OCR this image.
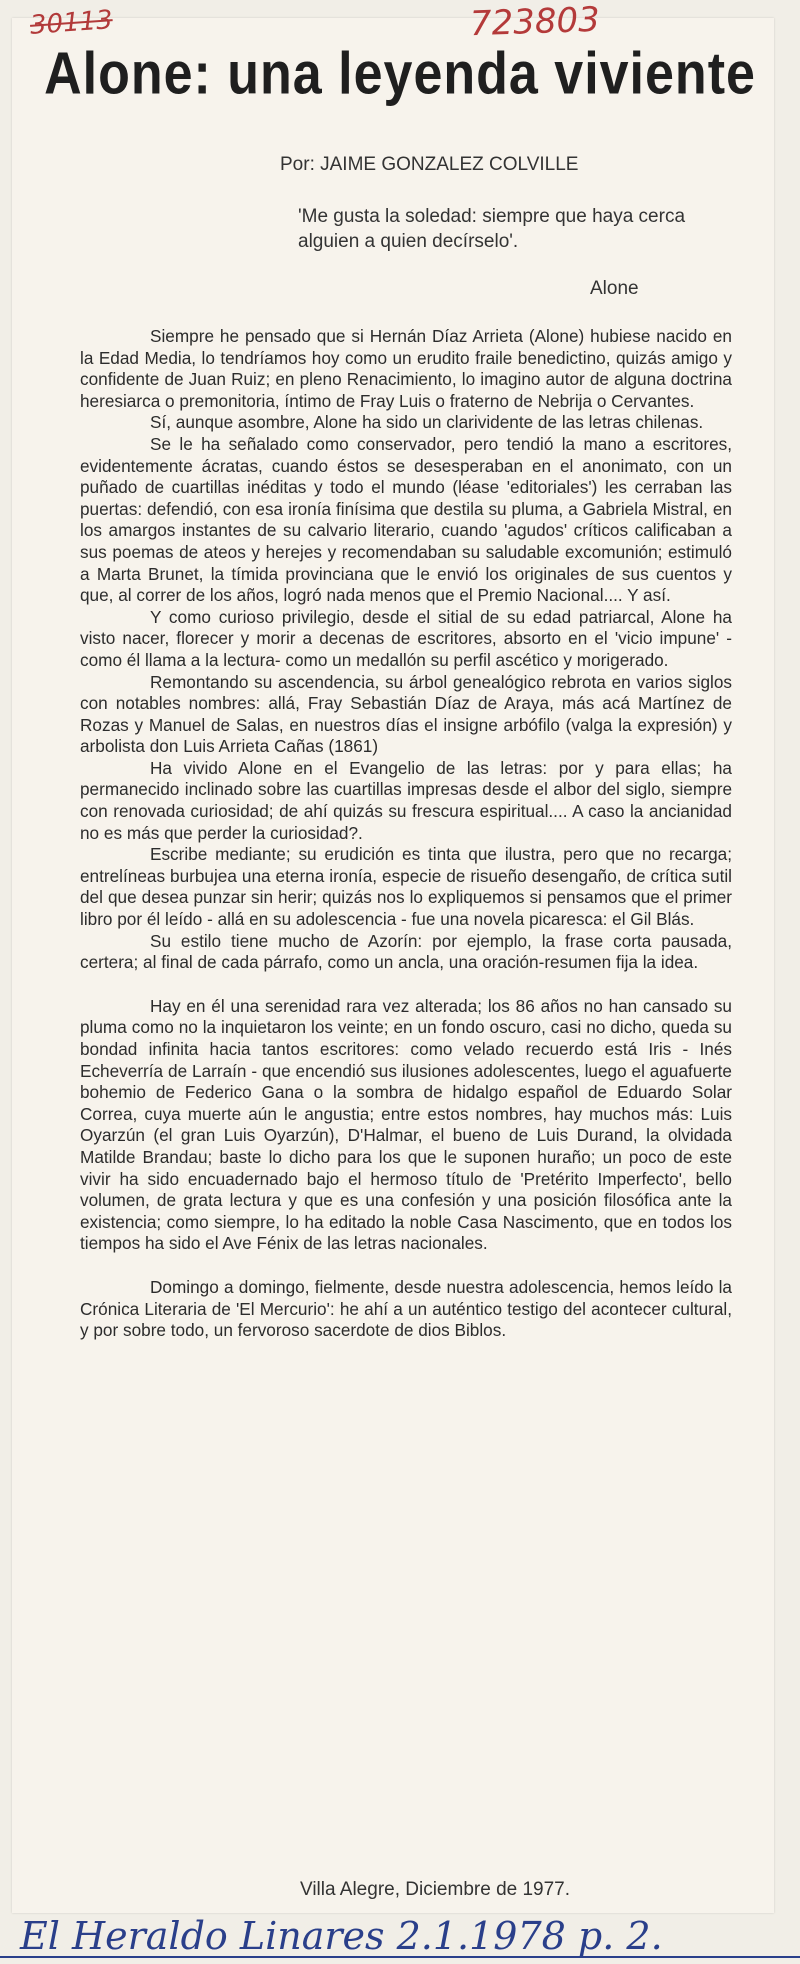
30113	723803
Alone: una leyenda viviente
Por: JAIME GONZALEZ COLVILLE
'Me gusta la soledad: siempre que haya cerca alguien a quien decírselo'.
Alone

Siempre he pensado que si Hernán Díaz Arrieta (Alone) hubiese nacido en la Edad Media, lo tendríamos hoy como un erudito fraile benedictino, quizás amigo y confidente de Juan Ruiz; en pleno Renacimiento, lo imagino autor de alguna doctrina heresiarca o premonitoria, íntimo de Fray Luis o fraterno de Nebrija o Cervantes.

Sí, aunque asombre, Alone ha sido un clarividente de las letras chilenas.

Se le ha señalado como conservador, pero tendió la mano a escritores, evidentemente ácratas, cuando éstos se desesperaban en el anonimato, con un puñado de cuartillas inéditas y todo el mundo (léase 'editoriales') les cerraban las puertas: defendió, con esa ironía finísima que destila su pluma, a Gabriela Mistral, en los amargos instantes de su calvario literario, cuando 'agudos' críticos calificaban a sus poemas de ateos y herejes y recomendaban su saludable excomunión; estimuló a Marta Brunet, la tímida provinciana que le envió los originales de sus cuentos y que, al correr de los años, logró nada menos que el Premio Nacional.... Y así.

Y como curioso privilegio, desde el sitial de su edad patriarcal, Alone ha visto nacer, florecer y morir a decenas de escritores, absorto en el 'vicio impune' -como él llama a la lectura- como un medallón su perfil ascético y morigerado.

Remontando su ascendencia, su árbol genealógico rebrota en varios siglos con notables nombres: allá, Fray Sebastián Díaz de Araya, más acá Martínez de Rozas y Manuel de Salas, en nuestros días el insigne arbófilo (valga la expresión) y arbolista don Luis Arrieta Cañas (1861)

Ha vivido Alone en el Evangelio de las letras: por y para ellas; ha permanecido inclinado sobre las cuartillas impresas desde el albor del siglo, siempre con renovada curiosidad; de ahí quizás su frescura espiritual.... A caso la ancianidad no es más que perder la curiosidad?.

Escribe mediante; su erudición es tinta que ilustra, pero que no recarga; entrelíneas burbujea una eterna ironía, especie de risueño desengaño, de crítica sutil del que desea punzar sin herir; quizás nos lo expliquemos si pensamos que el primer libro por él leído - allá en su adolescencia - fue una novela picaresca: el Gil Blás.

Su estilo tiene mucho de Azorín: por ejemplo, la frase corta pausada, certera; al final de cada párrafo, como un ancla, una oración-resumen fija la idea.

Hay en él una serenidad rara vez alterada; los 86 años no han cansado su pluma como no la inquietaron los veinte; en un fondo oscuro, casi no dicho, queda su bondad infinita hacia tantos escritores: como velado recuerdo está Iris - Inés Echeverría de Larraín - que encendió sus ilusiones adolescentes, luego el aguafuerte bohemio de Federico Gana o la sombra de hidalgo español de Eduardo Solar Correa, cuya muerte aún le angustia; entre estos nombres, hay muchos más: Luis Oyarzún (el gran Luis Oyarzún), D'Halmar, el bueno de Luis Durand, la olvidada Matilde Brandau; baste lo dicho para los que le suponen huraño; un poco de este vivir ha sido encuadernado bajo el hermoso título de 'Pretérito Imperfecto', bello volumen, de grata lectura y que es una confesión y una posición filosófica ante la existencia; como siempre, lo ha editado la noble Casa Nascimento, que en todos los tiempos ha sido el Ave Fénix de las letras nacionales.

Domingo a domingo, fielmente, desde nuestra adolescencia, hemos leído la Crónica Literaria de 'El Mercurio': he ahí a un auténtico testigo del acontecer cultural, y por sobre todo, un fervoroso sacerdote de dios Biblos.

Villa Alegre, Diciembre de 1977.
El Heraldo Linares 2.1.1978 p. 2.
